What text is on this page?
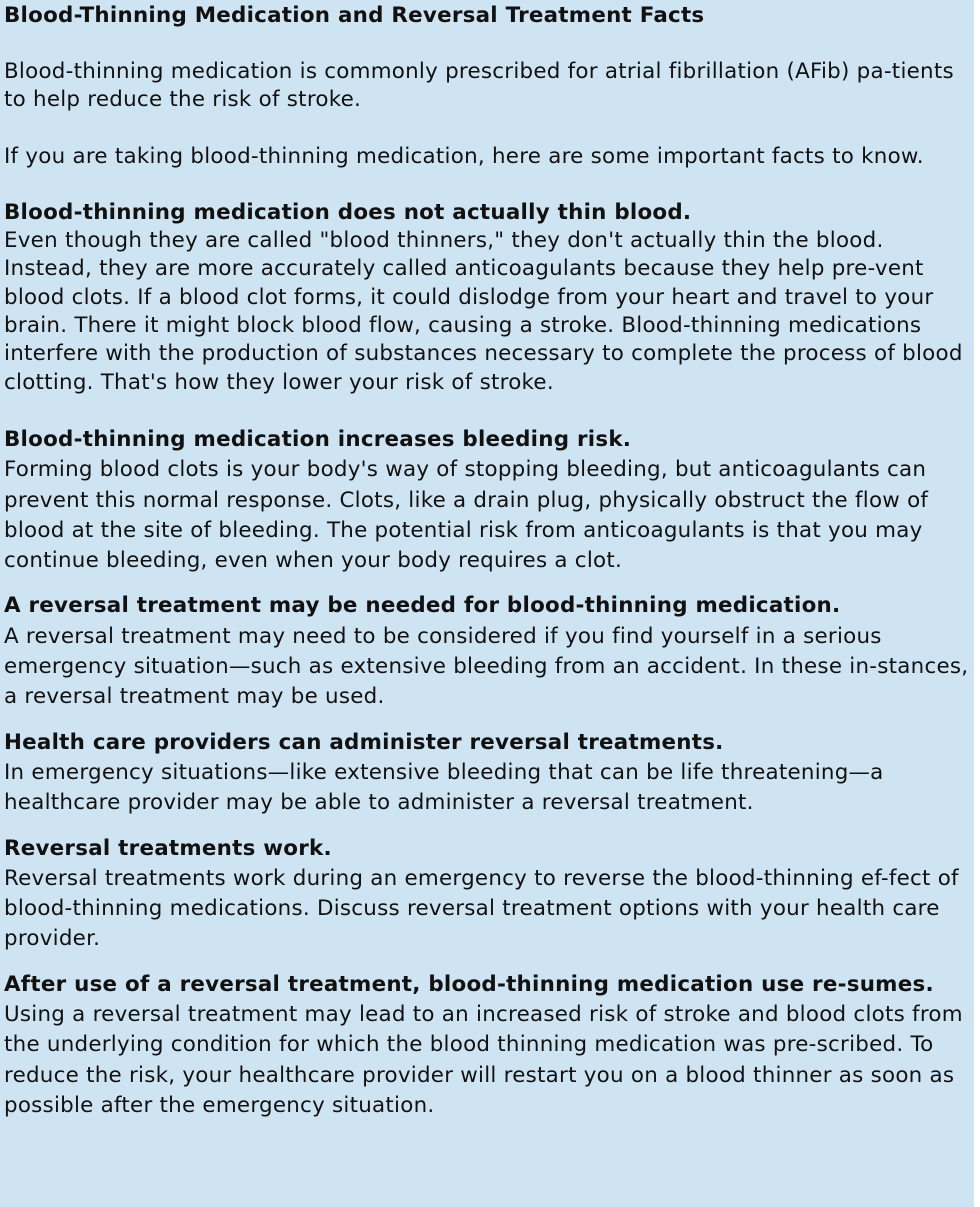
Blood-Thinning Medication and Reversal Treatment Facts

Blood-thinning medication is commonly prescribed for atrial fibrillation (AFib) pa-tients to help reduce the risk of stroke.

If you are taking blood-thinning medication, here are some important facts to know.

Blood-thinning medication does not actually thin blood.

Even though they are called "blood thinners," they don't actually thin the blood. Instead, they are more accurately called anticoagulants because they help pre-vent blood clots. If a blood clot forms, it could dislodge from your heart and travel to your brain. There it might block blood flow, causing a stroke. Blood-thinning medications interfere with the production of substances necessary to complete the process of blood clotting. That's how they lower your risk of stroke.

Blood-thinning medication increases bleeding risk.

Forming blood clots is your body's way of stopping bleeding, but anticoagulants can prevent this normal response. Clots, like a drain plug, physically obstruct the flow of blood at the site of bleeding. The potential risk from anticoagulants is that you may continue bleeding, even when your body requires a clot.

A reversal treatment may be needed for blood-thinning medication.

A reversal treatment may need to be considered if you find yourself in a serious emergency situation—such as extensive bleeding from an accident. In these in-stances, a reversal treatment may be used.

Health care providers can administer reversal treatments.

In emergency situations—like extensive bleeding that can be life threatening—a healthcare provider may be able to administer a reversal treatment.

Reversal treatments work.

Reversal treatments work during an emergency to reverse the blood-thinning ef-fect of blood-thinning medications. Discuss reversal treatment options with your health care provider.

After use of a reversal treatment, blood-thinning medication use re-sumes.

Using a reversal treatment may lead to an increased risk of stroke and blood clots from the underlying condition for which the blood thinning medication was pre-scribed. To reduce the risk, your healthcare provider will restart you on a blood thinner as soon as possible after the emergency situation.
